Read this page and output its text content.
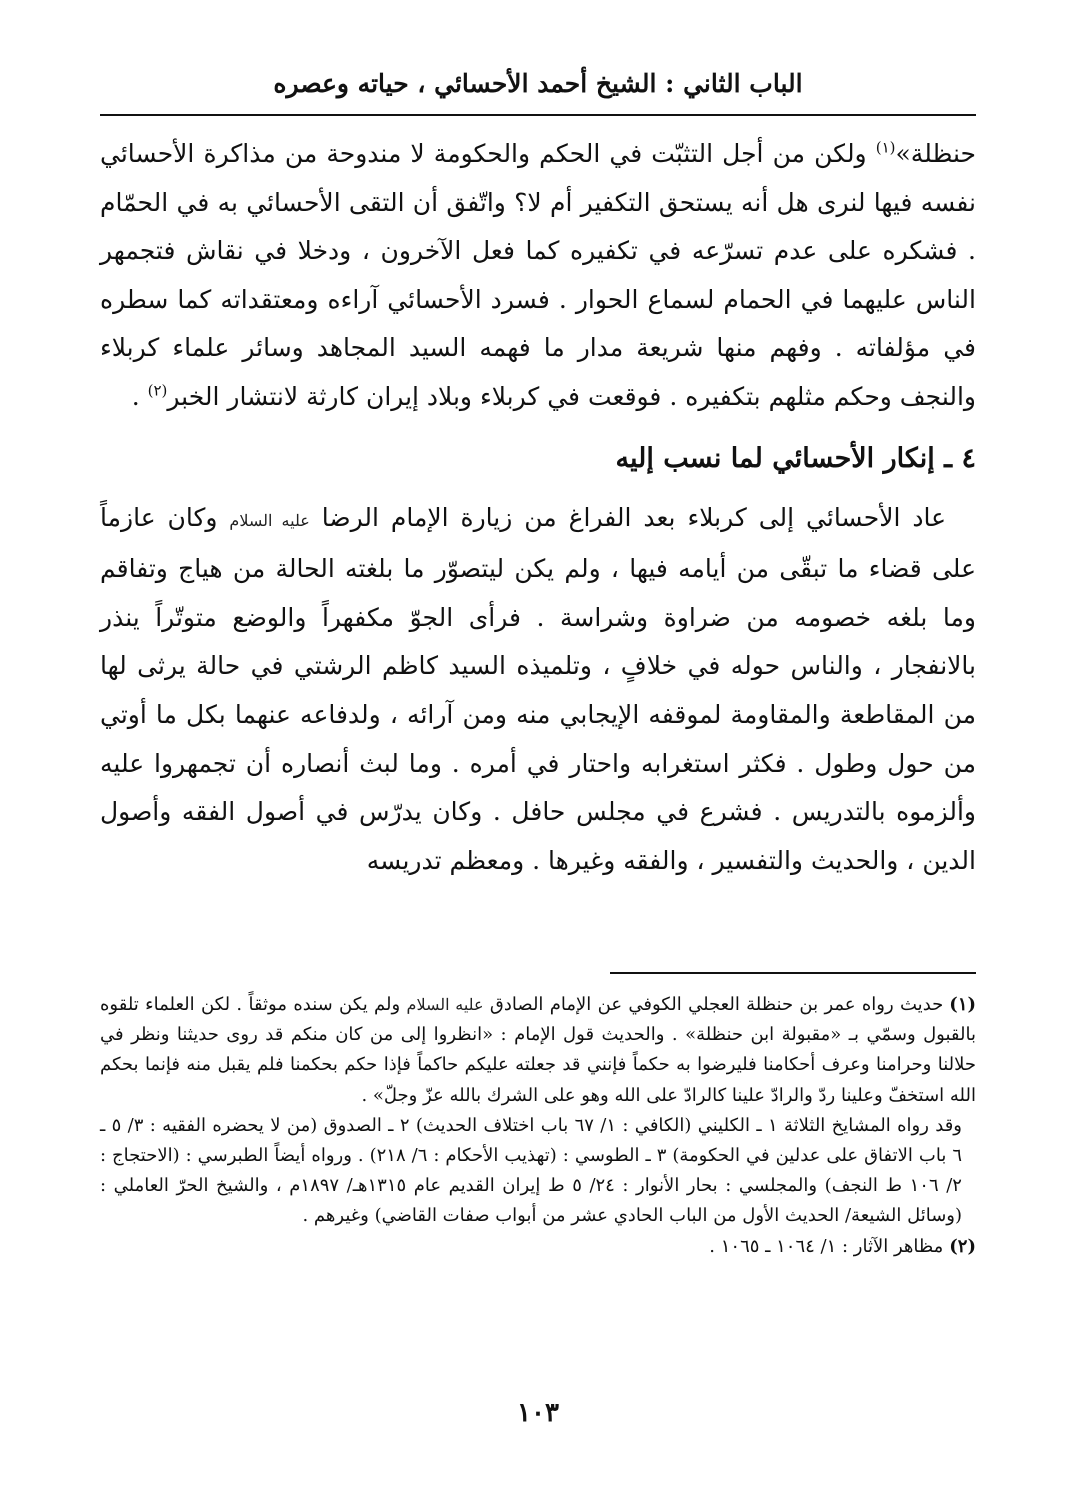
الباب الثاني : الشيخ أحمد الأحسائي ، حياته وعصره

حنظلة»$^{(١)}$ ولكن من أجل التثبّت في الحكم والحكومة لا مندوحة من مذاكرة الأحسائي نفسه فيها لنرى هل أنه يستحق التكفير أم لا؟ واتّفق أن التقى الأحسائي به في الحمّام . فشكره على عدم تسرّعه في تكفيره كما فعل الآخرون ، ودخلا في نقاش فتجمهر الناس عليهما في الحمام لسماع الحوار . فسرد الأحسائي آراءه ومعتقداته كما سطره في مؤلفاته . وفهم منها شريعة مدار ما فهمه السيد المجاهد وسائر علماء كربلاء والنجف وحكم مثلهم بتكفيره . فوقعت في كربلاء وبلاد إيران كارثة لانتشار الخبر$^{(٢)}$ .

٤ ـ إنكار الأحسائي لما نسب إليه

عاد الأحسائي إلى كربلاء بعد الفراغ من زيارة الإمام الرضا عليه السلام وكان عازماً على قضاء ما تبقّى من أيامه فيها ، ولم يكن ليتصوّر ما بلغته الحالة من هياج وتفاقم وما بلغه خصومه من ضراوة وشراسة . فرأى الجوّ مكفهراً والوضع متوتّراً ينذر بالانفجار ، والناس حوله في خلافٍ ، وتلميذه السيد كاظم الرشتي في حالة يرثى لها من المقاطعة والمقاومة لموقفه الإيجابي منه ومن آرائه ، ولدفاعه عنهما بكل ما أوتي من حول وطول . فكثر استغرابه واحتار في أمره . وما لبث أنصاره أن تجمهروا عليه وألزموه بالتدريس . فشرع في مجلس حافل . وكان يدرّس في أصول الفقه وأصول الدين ، والحديث والتفسير ، والفقه وغيرها . ومعظم تدريسه

(١)حديث رواه عمر بن حنظلة العجلي الكوفي عن الإمام الصادق عليه السلام ولم يكن سنده موثقاً . لكن العلماء تلقوه بالقبول وسمّي بـ «مقبولة ابن حنظلة» . والحديث قول الإمام : «انظروا إلى من كان منكم قد روى حديثنا ونظر في حلالنا وحرامنا وعرف أحكامنا فليرضوا به حكماً فإنني قد جعلته عليكم حاكماً فإذا حكم بحكمنا فلم يقبل منه فإنما بحكم الله استخفّ وعلينا ردّ والرادّ علينا كالرادّ على الله وهو على الشرك بالله عزّ وجلّ» .

وقد رواه المشايخ الثلاثة ١ ـ الكليني (الكافي : ١/ ٦٧ باب اختلاف الحديث) ٢ ـ الصدوق (من لا يحضره الفقيه : ٣/ ٥ ـ ٦ باب الاتفاق على عدلين في الحكومة) ٣ ـ الطوسي : (تهذيب الأحكام : ٦/ ٢١٨) . ورواه أيضاً الطبرسي : (الاحتجاج : ٢/ ١٠٦ ط النجف) والمجلسي : بحار الأنوار : ٢٤/ ٥ ط إيران القديم عام ١٣١٥هـ/ ١٨٩٧م ، والشيخ الحرّ العاملي : (وسائل الشيعة/ الحديث الأول من الباب الحادي عشر من أبواب صفات القاضي) وغيرهم .

(٢)مظاهر الآثار : ١/ ١٠٦٤ ـ ١٠٦٥ .

١٠٣
